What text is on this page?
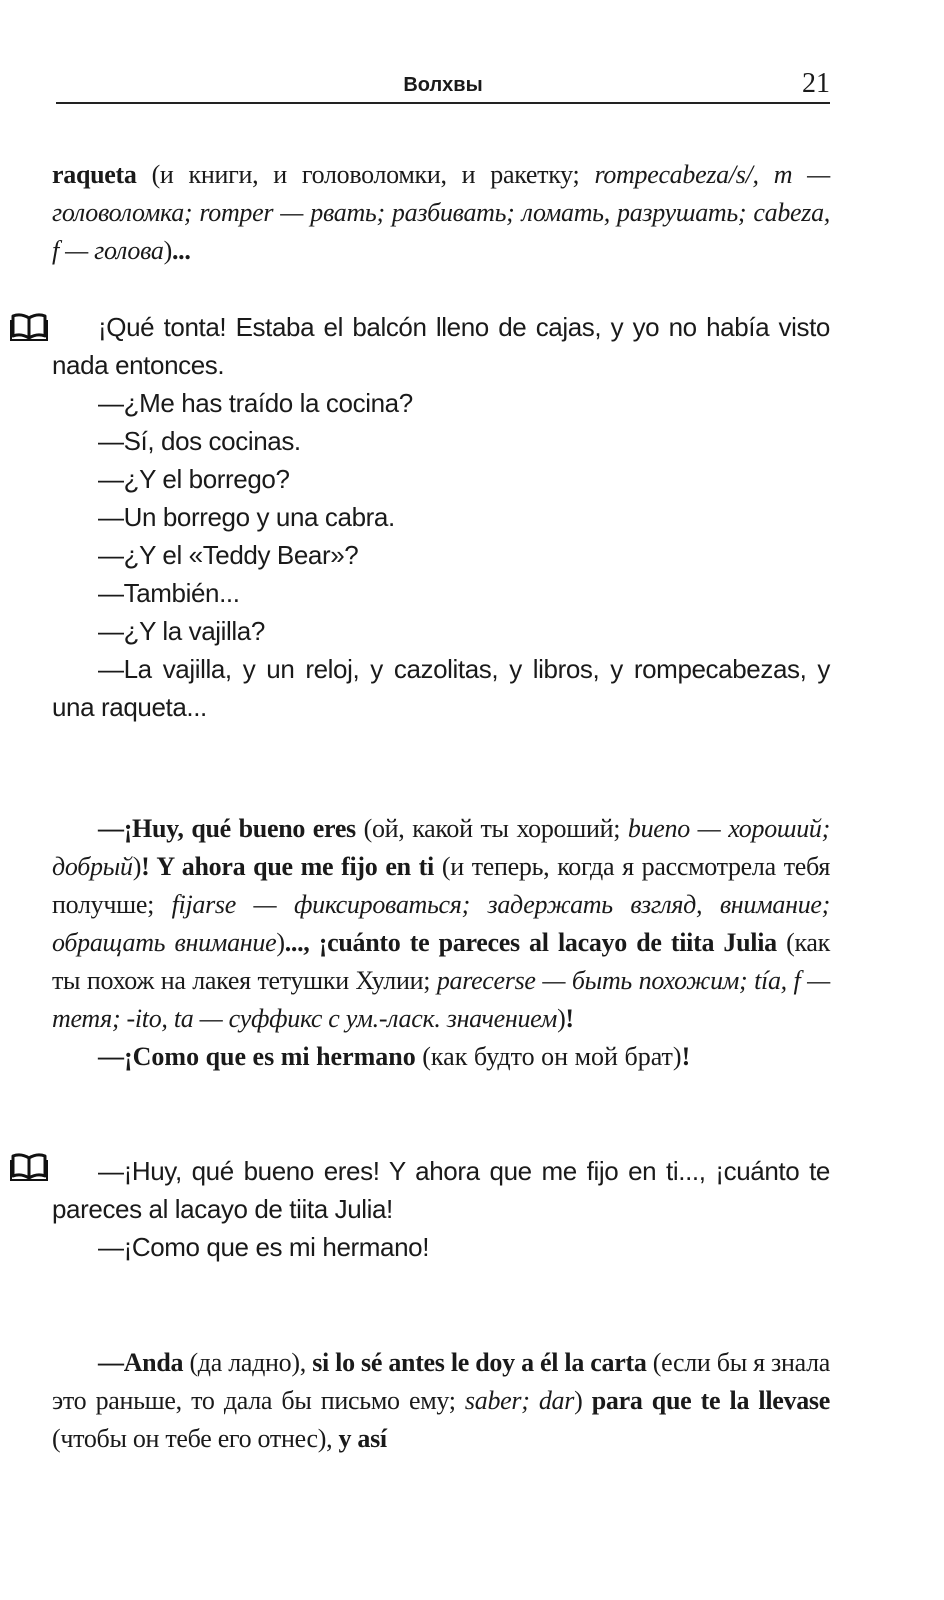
Волхвы	21

raqueta (и книги, и головоломки, и ракетку; rompecabeza/s/, m — головоломка; romper — рвать; разбивать; ломать, разрушать; cabeza, f — голова)...

¡Qué tonta! Estaba el balcón lleno de cajas, y yo no había visto nada entonces.

—¿Me has traído la cocina?

—Sí, dos cocinas.

—¿Y el borrego?

—Un borrego y una cabra.

—¿Y el «Teddy Bear»?

—También...

—¿Y la vajilla?

—La vajilla, y un reloj, y cazolitas, y libros, y rompecabezas, y una raqueta...

—¡Huy, qué bueno eres (ой, какой ты хороший; bueno — хороший; добрый)! Y ahora que me fijo en ti (и теперь, когда я рассмотрела тебя получше; fijarse — фиксироваться; задержать взгляд, внимание; обращать внимание)..., ¡cuánto te pareces al lacayo de tiita Julia (как ты похож на лакея тетушки Хулии; parecerse — быть похожим; tía, f — тетя; -ito, ta — суффикс с ум.-ласк. значением)!

—¡Como que es mi hermano (как будто он мой брат)!

—¡Huy, qué bueno eres! Y ahora que me fijo en ti..., ¡cuánto te pareces al lacayo de tiita Julia!

—¡Como que es mi hermano!

—Anda (да ладно), si lo sé antes le doy a él la carta (если бы я знала это раньше, то дала бы письмо ему; saber; dar) para que te la llevase (чтобы он тебе его отнес), y así
